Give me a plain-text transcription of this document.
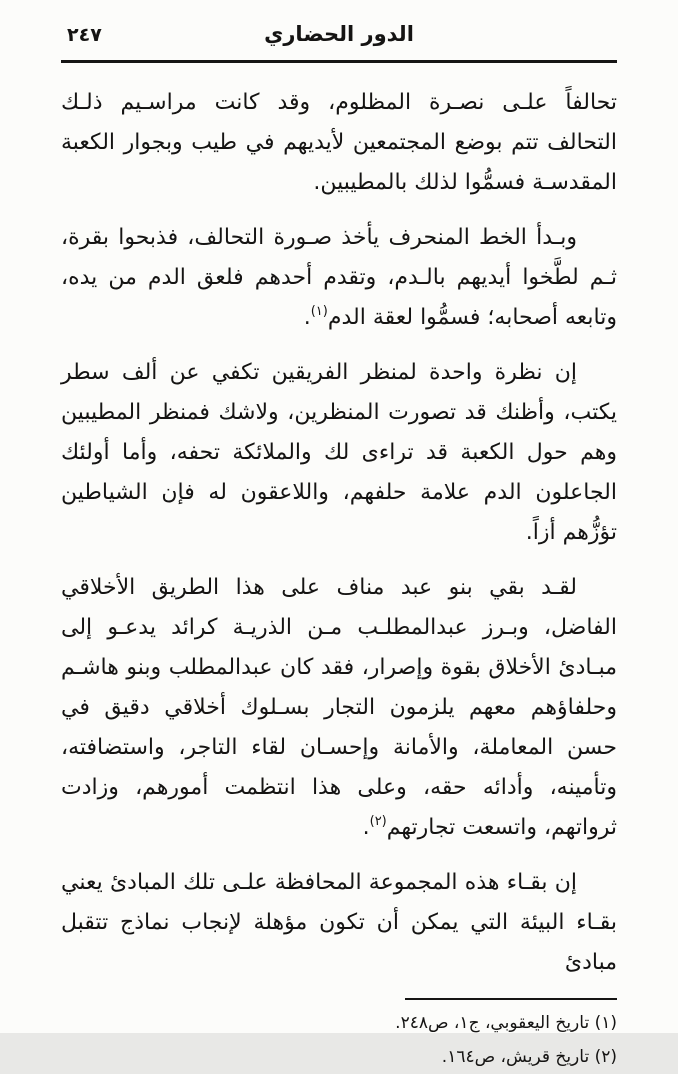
٢٤٧	الدور الحضاري

تحالفاً علـى نصـرة المظلوم، وقد كانت مراسـيم ذلـك التحالف تتم بوضع المجتمعين لأيديهم في طيب وبجوار الكعبة المقدسـة فسمُّوا لذلك بالمطيبين.

وبـدأ الخط المنحرف يأخذ صـورة التحالف، فذبحوا بقرة، ثـم لطَّخوا أيديهم بالـدم، وتقدم أحدهم فلعق الدم من يده، وتابعه أصحابه؛ فسمُّوا لعقة الدم$^{(١)}$.

إن نظرة واحدة لمنظر الفريقين تكفي عن ألف سطر يكتب، وأظنك قد تصورت المنظرين، ولاشك فمنظر المطيبين وهم حول الكعبة قد تراءى لك والملائكة تحفه، وأما أولئك الجاعلون الدم علامة حلفهم، واللاعقون له فإن الشياطين تؤزُّهم أزاً.

لقـد بقي بنو عبد مناف على هذا الطريق الأخلاقي الفاضل، وبـرز عبدالمطلـب مـن الذريـة كرائد يدعـو إلى مبـادئ الأخلاق بقوة وإصرار، فقد كان عبدالمطلب وبنو هاشـم وحلفاؤهم معهم يلزمون التجار بسـلوك أخلاقي دقيق في حسن المعاملة، والأمانة وإحسـان لقاء التاجر، واستضافته، وتأمينه، وأدائه حقه، وعلى هذا انتظمت أمورهم، وزادت ثرواتهم، واتسعت تجارتهم$^{(٢)}$.

إن بقـاء هذه المجموعة المحافظة علـى تلك المبادئ يعني بقـاء البيئة التي يمكن أن تكون مؤهلة لإنجاب نماذج تتقبل مبادئ

(١) تاريخ اليعقوبي، ج١، ص٢٤٨.

(٢) تاريخ قريش، ص١٦٤.
